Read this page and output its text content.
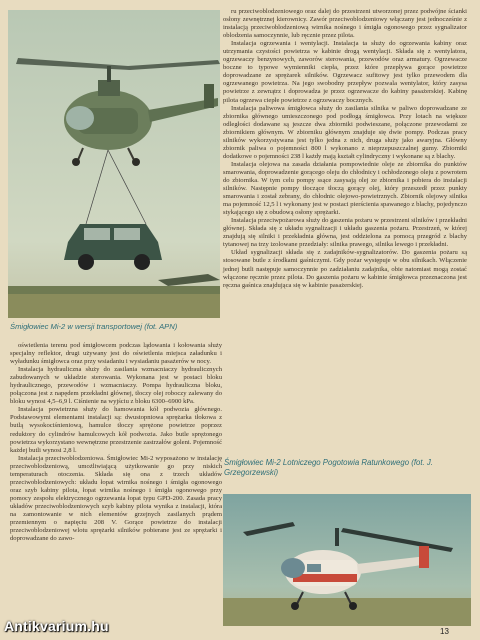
Śmigłowiec Mi-2 w wersji transportowej (fot. APN)

ru przeciwoblodzeniowego oraz dalej do przestrzeni utworzonej przez podwójne ścianki osłony zewnętrznej kierownicy. Zawór przeciwoblodzeniowy włączany jest jednocześnie z instalacją przeciwoblodzeniową wirnika nośnego i śmigła ogonowego przez sygnalizator oblodzenia samoczynnie, lub ręcznie przez pilota.

Instalacja ogrzewania i wentylacji. Instalacja ta służy do ogrzewania kabiny oraz utrzymania czystości powietrza w kabinie drogą wentylacji. Składa się z wentylatora, ogrzewaczy benzynowych, zaworów sterowania, przewodów oraz armatury. Ogrzewacze boczne to typowe wymienniki ciepła, przez które przepływa gorące powietrze doprowadzane ze sprężarek silników. Ogrzewacz sufitowy jest tylko przewodem dla ogrzewanego powietrza. Na jego swobodny przepływ pozwala wentylator, który zasysa powietrze z zewnątrz i doprowadza je przez ogrzewacze do kabiny pasażerskiej. Kabinę pilota ogrzewa ciepłe powietrze z ogrzewaczy bocznych.

Instalacja paliwowa śmigłowca służy do zasilania silnika w paliwo doprowadzane ze zbiornika głównego umieszczonego pod podłogą śmigłowca. Przy lotach na większe odległości dodawane są jeszcze dwa zbiorniki podwieszane, połączone przewodami ze zbiornikiem głównym. W zbiorniku głównym znajduje się dwie pompy. Podczas pracy silników wykorzystywana jest tylko jedna z nich, druga służy jako awaryjna. Główny zbiornik paliwa o pojemności 800 l wykonano z nieprzepuszczalnej gumy. Zbiorniki dodatkowe o pojemności 238 l każdy mają kształt cylindryczny i wykonane są z blachy.

Instalacja olejowa na zasada działania pompowiednie oleje ze zbiornika do punktów smarowania, doprowadzenie gorącego oleju do chłodnicy i ochłodzonego oleju z powrotem do zbiornika. W tym celu pompy ssące zasysają olej ze zbiornika i pobiera do instalacji silników. Następnie pompy tłoczące tłoczą gorący olej, który przeszedł przez punkty smarowania i został zebrany, do chłodnic olejowo-powietrznych. Zbiornik olejowy silnika ma pojemność 12,5 l i wykonany jest w postaci pierścienia spawanego z blachy, pojedynczo stykającego się z obudową osłony sprężarki.

Instalacja przeciwpożarowa służy do gaszenia pożaru w przestrzeni silników i przekładni głównej. Składa się z układu sygnalizacji i układu gaszenia pożaru. Przestrzeń, w której znajdują się silniki i przekładnia główna, jest oddzielona za pomocą przegród z blachy tytanowej na trzy izolowane przedziały: silnika prawego, silnika lewego i przekładni.

Układ sygnalizacji składa się z zadajników-sygnalizatorów. Do gaszenia pożaru są stosowane butle z środkami gaśniczymi. Gdy pożar występuje w obu silnikach. Włączenie jednej butli następuje samoczynnie po zadziałaniu zadajnika, obie natomiast mogą zostać włączone ręcznie przez pilota. Do gaszenia pożaru w kabinie śmigłowca przeznaczona jest ręczna gaśnica znajdująca się w kabinie pasażerskiej.

oświetlenia terenu pod śmigłowcem podczas lądowania i kołowania służy specjalny reflektor, drugi używany jest do oświetlenia miejsca załadunku i wyładunku śmigłowca oraz przy wsiadaniu i wysiadaniu pasażerów w nocy.

Instalacja hydrauliczna służy do zasilania wzmacniaczy hydraulicznych zabudowanych w układzie sterowania. Wykonana jest w postaci bloku hydraulicznego, przewodów i wzmacniaczy. Pompa hydrauliczna bloku, połączona jest z napędem przekładni głównej, tłoczy olej roboczy zalewany do bloku wynosi 4,5–6,9 l. Ciśnienie na wyjściu z bloku 6300–6900 kPa.

Instalacja powietrzna służy do hamowania kół podwozia głównego. Podstawowymi elementami instalacji są: dwustopniowa sprężarka tłokowa z butlą wysokociśnieniową, hamulce tłoczy sprężone powietrze poprzez reduktory do cylindrów hamulcowych kół podwozia. Jako butle sprężonego powietrza wykorzystano wewnętrzne przestrzenie zastrzałów goleni. Pojemność każdej butli wynosi 2,8 l.

Instalacja przeciwoblodzeniowa. Śmigłowiec Mi-2 wyposażono w instalację przeciwoblodzeniową, umożliwiającą użytkowanie go przy niskich temperaturach otoczenia. Składa się ona z trzech układów przeciwoblodzeniowych: układu łopat wirnika nośnego i śmigła ogonowego oraz szyb kabiny pilota, łopat wirnika nośnego i śmigła ogonowego przy pomocy zespołu elektrycznego ogrzewania łopat typu GPD-200. Zasada pracy układów przeciwoblodzeniowych szyb kabiny pilota wynika z instalacji, która na zamontowanie w nich elementów grzejnych zasilanych prądem przemiennym o napięciu 208 V. Gorące powietrze do instalacji przeciwoblodzeniowej wlotu sprężarki silników pobierane jest ze sprężarki i doprowadzane do zawo-

Śmigłowiec Mi-2 Lotniczego Pogotowia Ratunkowego (fot. J. Grzegorzewski)
13
Antikvarium.hu
